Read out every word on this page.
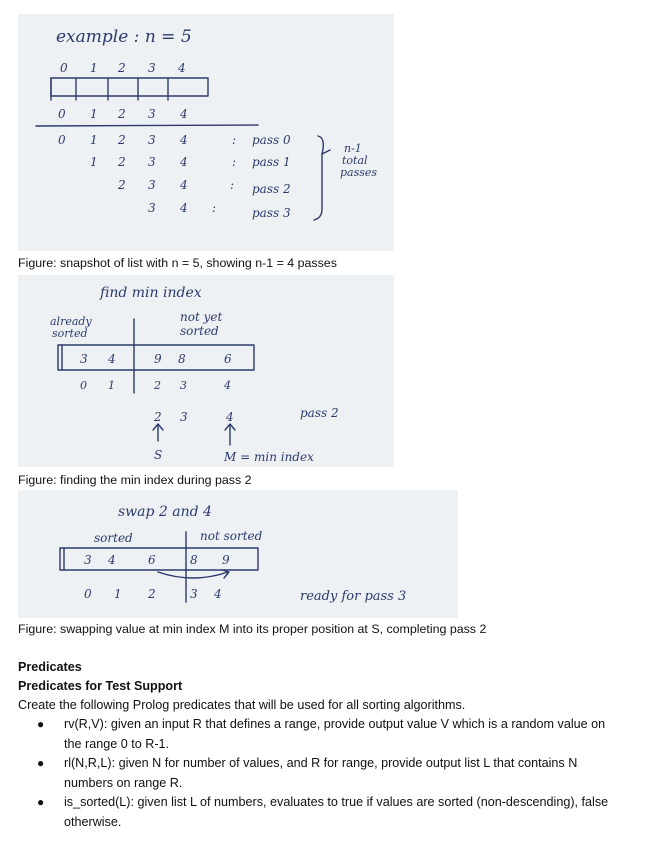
example : n = 5
0 1 2 3 4
0 1 2 3 4
0 1 2 3 4	: pass 0
1 2 3 4	: pass 1
2 3 4	: pass 2
3 4 :	pass 3
n-1
total
passes
Figure: snapshot of list with n = 5, showing n-1 = 4 passes
find min index
already
sorted
not yet
sorted
3 4	9 8	6
0 1	2 3	4
2 3	4
S	M = min index
pass 2
Figure: finding the min index during pass 2
swap 2 and 4
sorted	not sorted
3 4	6	8 9
0 1 2	3 4	ready for pass 3
Figure: swapping value at min index M into its proper position at S, completing pass 2
Predicates
Predicates for Test Support
Create the following Prolog predicates that will be used for all sorting algorithms.
● rv(R,V): given an input R that defines a range, provide output value V which is a random value on the range 0 to R-1.
● rl(N,R,L): given N for number of values, and R for range, provide output list L that contains N numbers on range R.
● is_sorted(L): given list L of numbers, evaluates to true if values are sorted (non-descending), false otherwise.
